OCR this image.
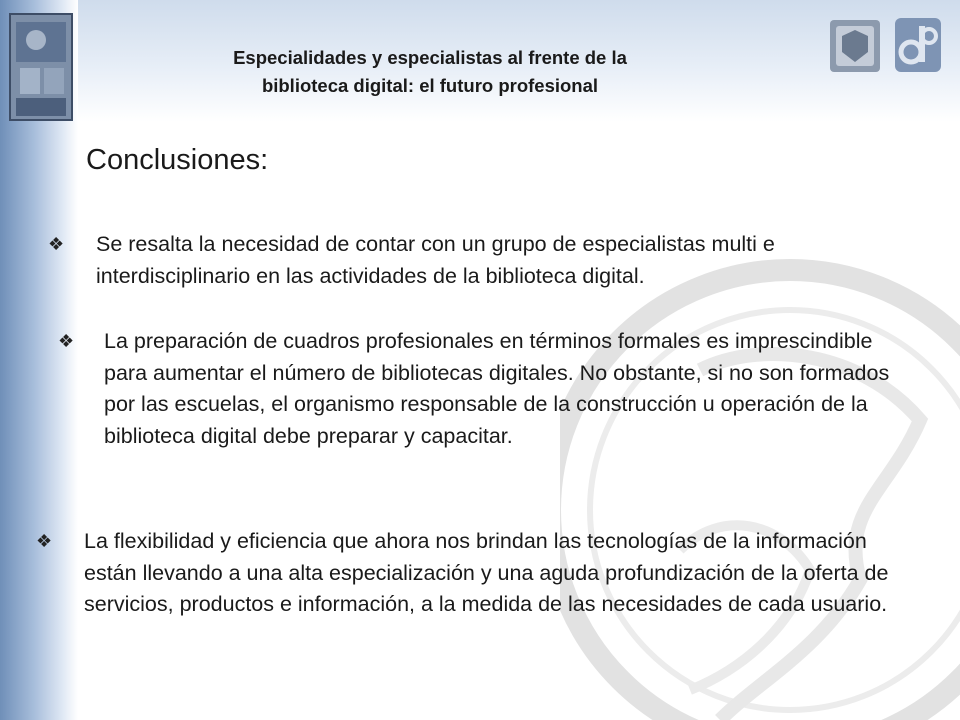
Especialidades y especialistas al frente de la
biblioteca digital: el futuro profesional
Conclusiones:
❖ Se resalta la necesidad de contar con un grupo de especialistas multi e interdisciplinario en las actividades de la biblioteca digital.
❖ La preparación de cuadros profesionales en términos formales es imprescindible para aumentar el número de bibliotecas digitales. No obstante, si no son formados por las escuelas, el organismo responsable de la construcción u operación de la biblioteca digital debe preparar y capacitar.
❖ La flexibilidad y eficiencia que ahora nos brindan las tecnologías de la información están llevando a una alta especialización y una aguda profundización de la oferta de servicios, productos e información, a la medida de las necesidades de cada usuario.
